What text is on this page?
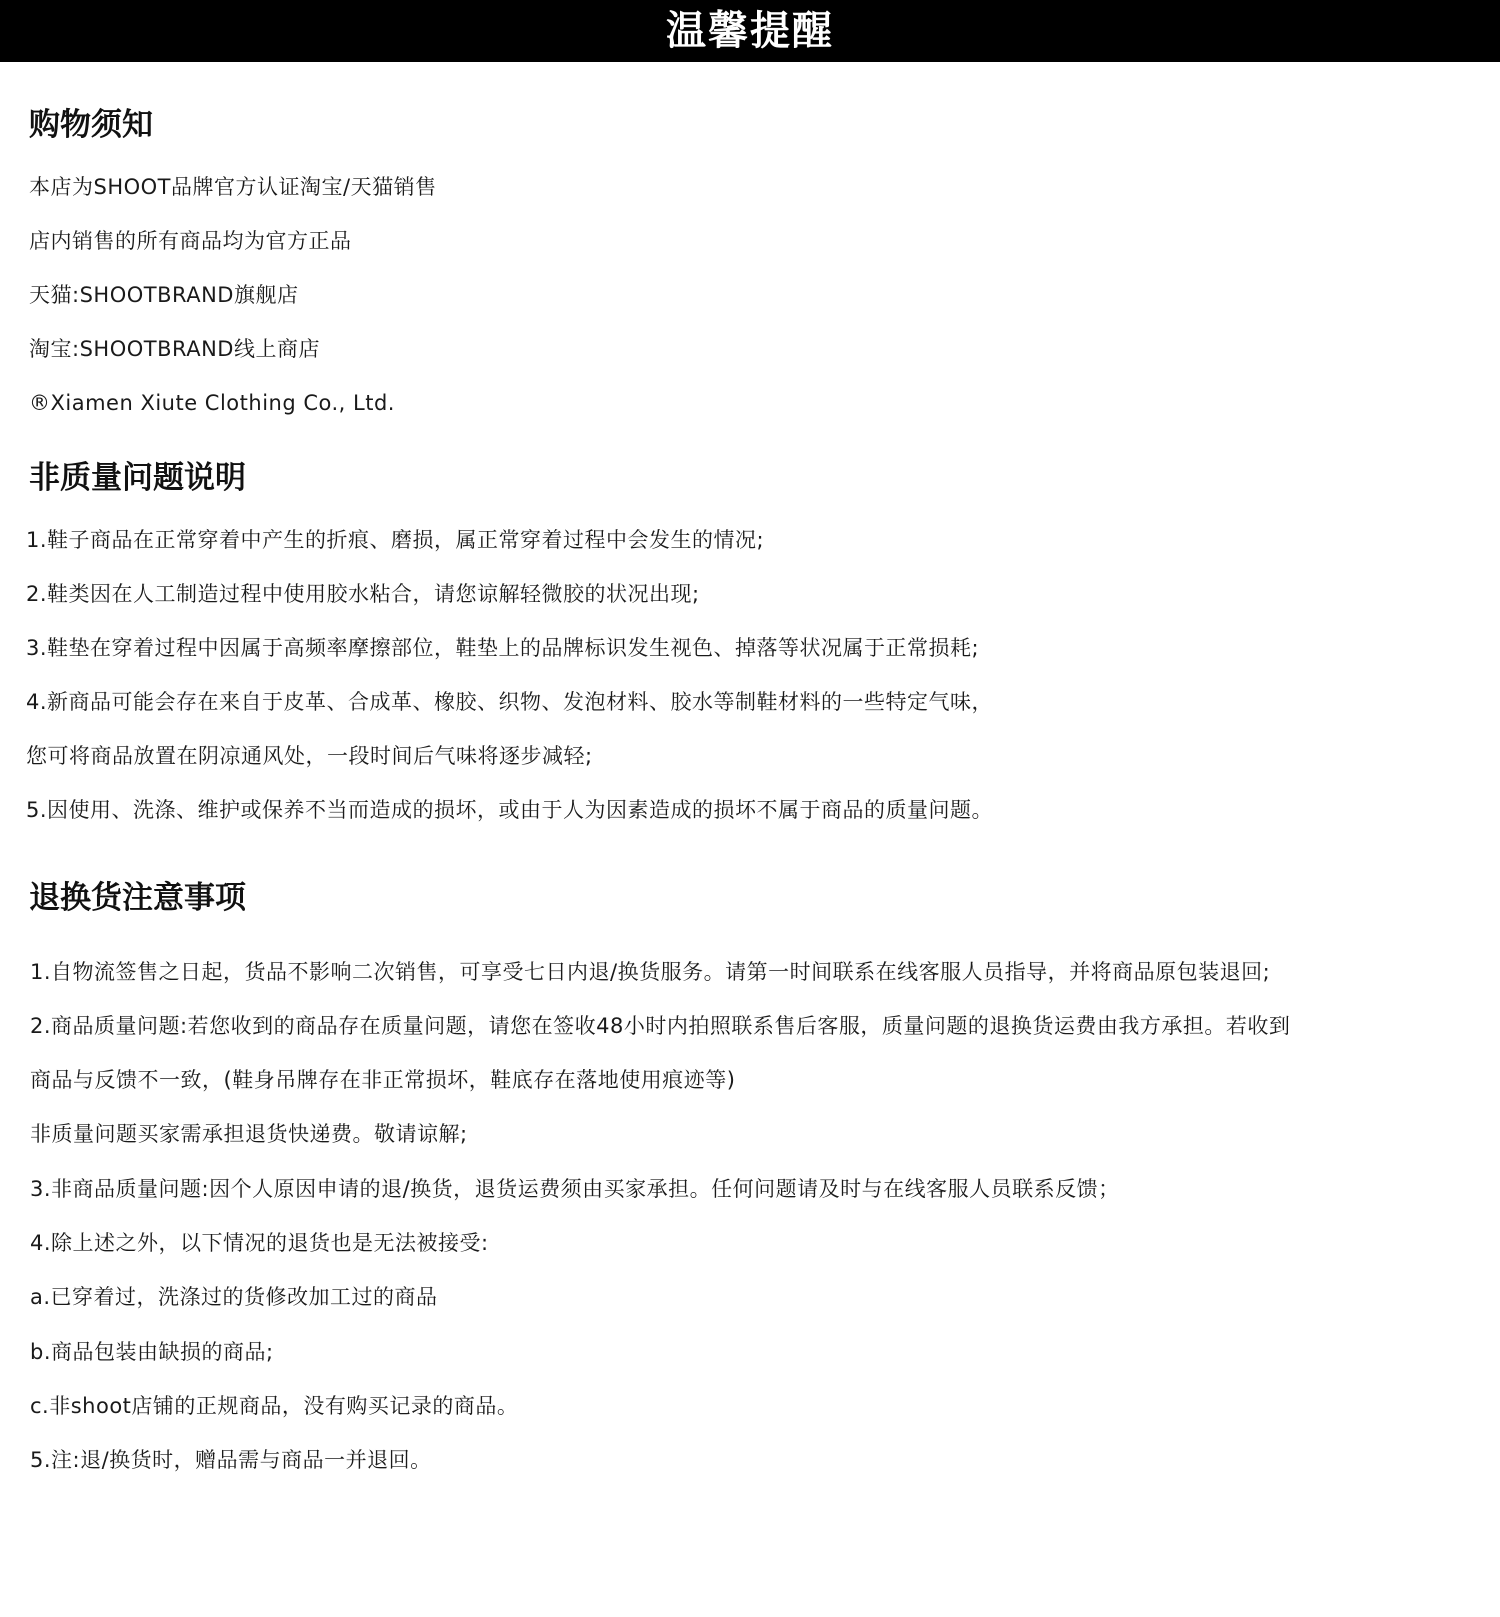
温馨提醒
购物须知
本店为SHOOT品牌官方认证淘宝/天猫销售
店内销售的所有商品均为官方正品
天猫:SHOOTBRAND旗舰店
淘宝:SHOOTBRAND线上商店
®Xiamen Xiute Clothing Co., Ltd.
非质量问题说明
1.鞋子商品在正常穿着中产生的折痕、磨损，属正常穿着过程中会发生的情况;
2.鞋类因在人工制造过程中使用胶水粘合，请您谅解轻微胶的状况出现;
3.鞋垫在穿着过程中因属于高频率摩擦部位，鞋垫上的品牌标识发生视色、掉落等状况属于正常损耗;
4.新商品可能会存在来自于皮革、合成革、橡胶、织物、发泡材料、胶水等制鞋材料的一些特定气味，
您可将商品放置在阴凉通风处，一段时间后气味将逐步减轻;
5.因使用、洗涤、维护或保养不当而造成的损坏，或由于人为因素造成的损坏不属于商品的质量问题。
退换货注意事项
1.自物流签售之日起，货品不影响二次销售，可享受七日内退/换货服务。请第一时间联系在线客服人员指导，并将商品原包装退回;
2.商品质量问题:若您收到的商品存在质量问题，请您在签收48小时内拍照联系售后客服，质量问题的退换货运费由我方承担。若收到
商品与反馈不一致，(鞋身吊牌存在非正常损坏，鞋底存在落地使用痕迹等)
非质量问题买家需承担退货快递费。敬请谅解;
3.非商品质量问题:因个人原因申请的退/换货，退货运费须由买家承担。任何问题请及时与在线客服人员联系反馈；
4.除上述之外，以下情况的退货也是无法被接受:
a.已穿着过，洗涤过的货修改加工过的商品
b.商品包装由缺损的商品;
c.非shoot店铺的正规商品，没有购买记录的商品。
5.注:退/换货时，赠品需与商品一并退回。
